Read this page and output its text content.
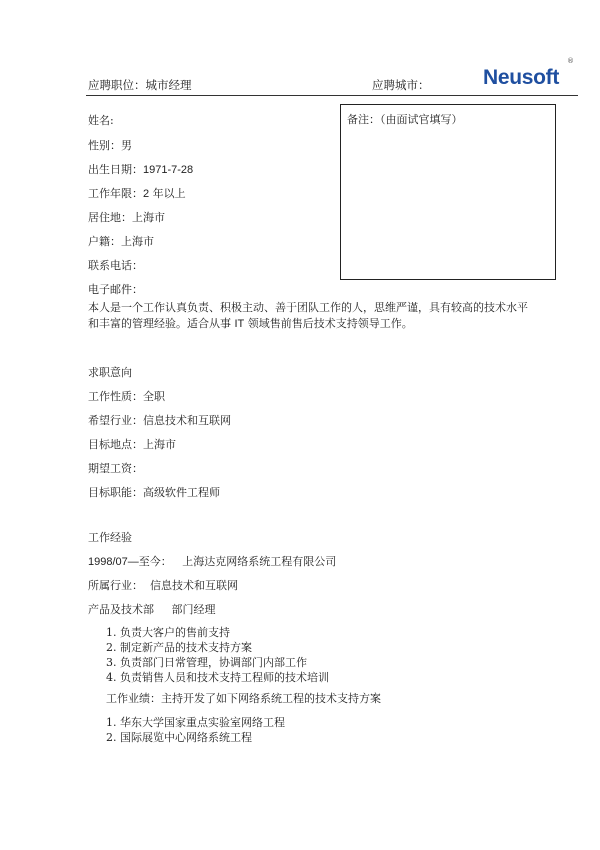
应聘职位：城市经理	应聘城市：	Neusoft
®
备注：（由面试官填写）
姓名:
性别：男
出生日期：1971-7-28
工作年限：2 年以上
居住地：上海市
户籍：上海市
联系电话：
电子邮件：
本人是一个工作认真负责、积极主动、善于团队工作的人，思维严谨，具有较高的技术水平和丰富的管理经验。适合从事 IT 领域售前售后技术支持领导工作。
求职意向
工作性质：全职
希望行业：信息技术和互联网
目标地点：上海市
期望工资：
目标职能：高级软件工程师
工作经验
1998/07—至今： 上海达克网络系统工程有限公司
所属行业： 信息技术和互联网
产品及技术部 部门经理
1. 负责大客户的售前支持
2. 制定新产品的技术支持方案
3. 负责部门日常管理，协调部门内部工作
4. 负责销售人员和技术支持工程师的技术培训
工作业绩：主持开发了如下网络系统工程的技术支持方案
1. 华东大学国家重点实验室网络工程
2. 国际展览中心网络系统工程
